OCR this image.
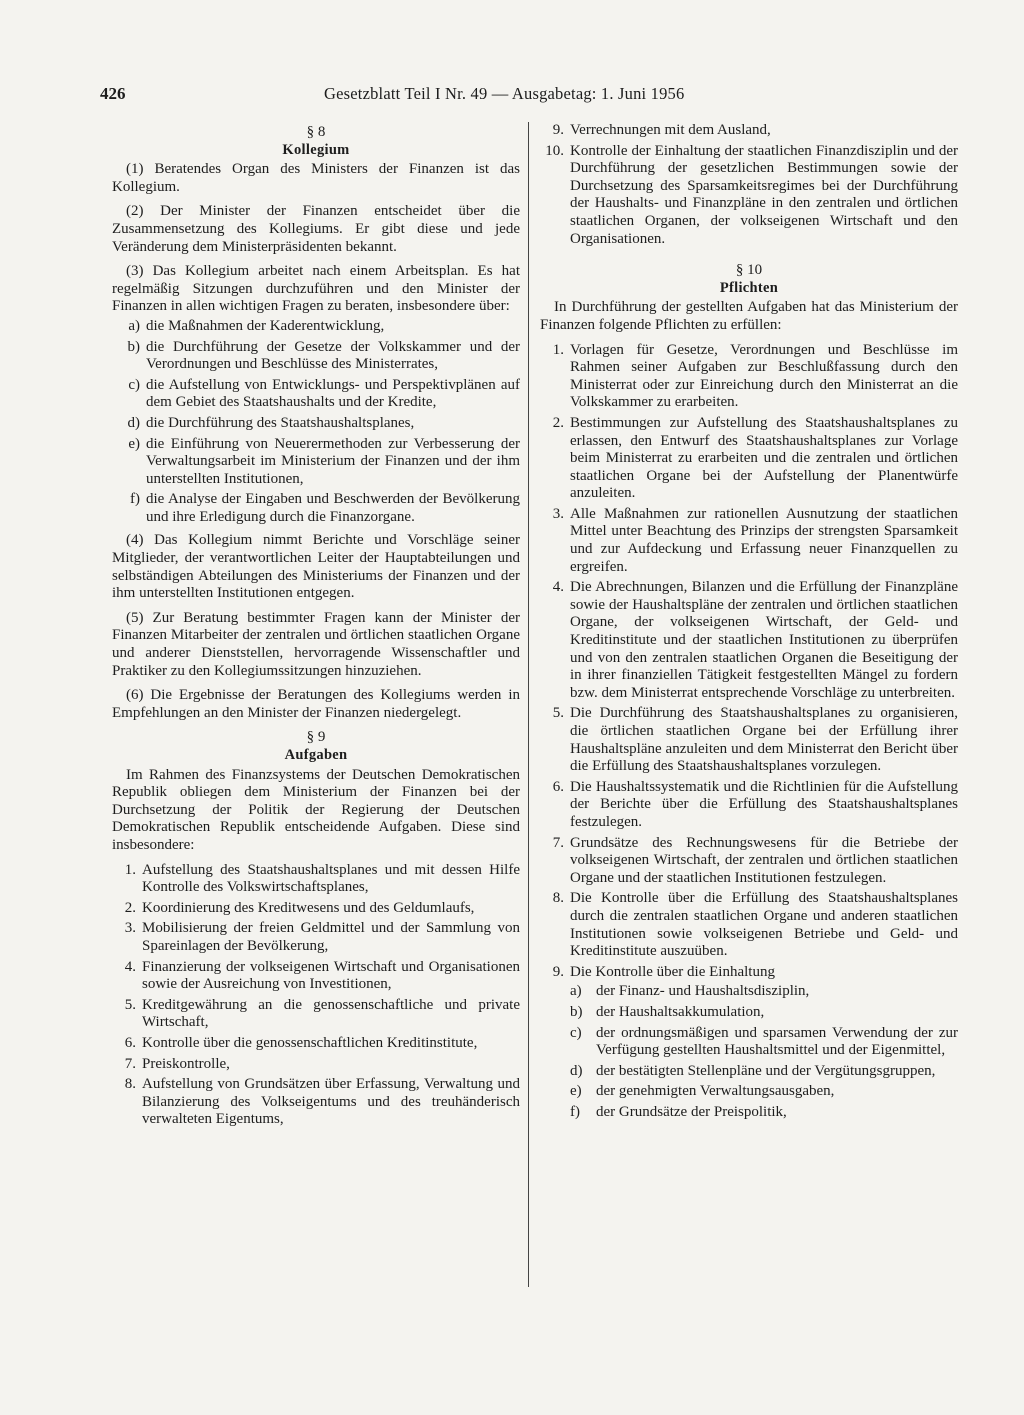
426	Gesetzblatt Teil I Nr. 49 — Ausgabetag: 1. Juni 1956
§ 8
Kollegium

(1) Beratendes Organ des Ministers der Finanzen ist das Kollegium.

(2) Der Minister der Finanzen entscheidet über die Zusammensetzung des Kollegiums. Er gibt diese und jede Veränderung dem Ministerpräsidenten bekannt.

(3) Das Kollegium arbeitet nach einem Arbeitsplan. Es hat regelmäßig Sitzungen durchzuführen und den Minister der Finanzen in allen wichtigen Fragen zu beraten, insbesondere über:

a) die Maßnahmen der Kaderentwicklung,
b) die Durchführung der Gesetze der Volkskammer und der Verordnungen und Beschlüsse des Ministerrates,
c) die Aufstellung von Entwicklungs- und Perspektivplänen auf dem Gebiet des Staatshaushalts und der Kredite,
d) die Durchführung des Staatshaushaltsplanes,
e) die Einführung von Neuerermethoden zur Verbesserung der Verwaltungsarbeit im Ministerium der Finanzen und der ihm unterstellten Institutionen,
f) die Analyse der Eingaben und Beschwerden der Bevölkerung und ihre Erledigung durch die Finanzorgane.

(4) Das Kollegium nimmt Berichte und Vorschläge seiner Mitglieder, der verantwortlichen Leiter der Hauptabteilungen und selbständigen Abteilungen des Ministeriums der Finanzen und der ihm unterstellten Institutionen entgegen.

(5) Zur Beratung bestimmter Fragen kann der Minister der Finanzen Mitarbeiter der zentralen und örtlichen staatlichen Organe und anderer Dienststellen, hervorragende Wissenschaftler und Praktiker zu den Kollegiumssitzungen hinzuziehen.

(6) Die Ergebnisse der Beratungen des Kollegiums werden in Empfehlungen an den Minister der Finanzen niedergelegt.

§ 9
Aufgaben

Im Rahmen des Finanzsystems der Deutschen Demokratischen Republik obliegen dem Ministerium der Finanzen bei der Durchsetzung der Politik der Regierung der Deutschen Demokratischen Republik entscheidende Aufgaben. Diese sind insbesondere:

1. Aufstellung des Staatshaushaltsplanes und mit dessen Hilfe Kontrolle des Volkswirtschaftsplanes,
2. Koordinierung des Kreditwesens und des Geldumlaufs,
3. Mobilisierung der freien Geldmittel und der Sammlung von Spareinlagen der Bevölkerung,
4. Finanzierung der volkseigenen Wirtschaft und Organisationen sowie der Ausreichung von Investitionen,
5. Kreditgewährung an die genossenschaftliche und private Wirtschaft,
6. Kontrolle über die genossenschaftlichen Kreditinstitute,
7. Preiskontrolle,
8. Aufstellung von Grundsätzen über Erfassung, Verwaltung und Bilanzierung des Volkseigentums und des treuhänderisch verwalteten Eigentums,
9. Verrechnungen mit dem Ausland,
10. Kontrolle der Einhaltung der staatlichen Finanzdisziplin und der Durchführung der gesetzlichen Bestimmungen sowie der Durchsetzung des Sparsamkeitsregimes bei der Durchführung der Haushalts- und Finanzpläne in den zentralen und örtlichen staatlichen Organen, der volkseigenen Wirtschaft und den Organisationen.
§ 10
Pflichten

In Durchführung der gestellten Aufgaben hat das Ministerium der Finanzen folgende Pflichten zu erfüllen:

1. Vorlagen für Gesetze, Verordnungen und Beschlüsse im Rahmen seiner Aufgaben zur Beschlußfassung durch den Ministerrat oder zur Einreichung durch den Ministerrat an die Volkskammer zu erarbeiten.
2. Bestimmungen zur Aufstellung des Staatshaushaltsplanes zu erlassen, den Entwurf des Staatshaushaltsplanes zur Vorlage beim Ministerrat zu erarbeiten und die zentralen und örtlichen staatlichen Organe bei der Aufstellung der Planentwürfe anzuleiten.
3. Alle Maßnahmen zur rationellen Ausnutzung der staatlichen Mittel unter Beachtung des Prinzips der strengsten Sparsamkeit und zur Aufdeckung und Erfassung neuer Finanzquellen zu ergreifen.
4. Die Abrechnungen, Bilanzen und die Erfüllung der Finanzpläne sowie der Haushaltspläne der zentralen und örtlichen staatlichen Organe, der volkseigenen Wirtschaft, der Geld- und Kreditinstitute und der staatlichen Institutionen zu überprüfen und von den zentralen staatlichen Organen die Beseitigung der in ihrer finanziellen Tätigkeit festgestellten Mängel zu fordern bzw. dem Ministerrat entsprechende Vorschläge zu unterbreiten.
5. Die Durchführung des Staatshaushaltsplanes zu organisieren, die örtlichen staatlichen Organe bei der Erfüllung ihrer Haushaltspläne anzuleiten und dem Ministerrat den Bericht über die Erfüllung des Staatshaushaltsplanes vorzulegen.
6. Die Haushaltssystematik und die Richtlinien für die Aufstellung der Berichte über die Erfüllung des Staatshaushaltsplanes festzulegen.
7. Grundsätze des Rechnungswesens für die Betriebe der volkseigenen Wirtschaft, der zentralen und örtlichen staatlichen Organe und der staatlichen Institutionen festzulegen.
8. Die Kontrolle über die Erfüllung des Staatshaushaltsplanes durch die zentralen staatlichen Organe und anderen staatlichen Institutionen sowie volkseigenen Betriebe und Geld- und Kreditinstitute auszuüben.
9. Die Kontrolle über die Einhaltung
a) der Finanz- und Haushaltsdisziplin,
b) der Haushaltsakkumulation,
c) der ordnungsmäßigen und sparsamen Verwendung der zur Verfügung gestellten Haushaltsmittel und der Eigenmittel,
d) der bestätigten Stellenpläne und der Vergütungsgruppen,
e) der genehmigten Verwaltungsausgaben,
f)	der Grundsätze der Preispolitik,
